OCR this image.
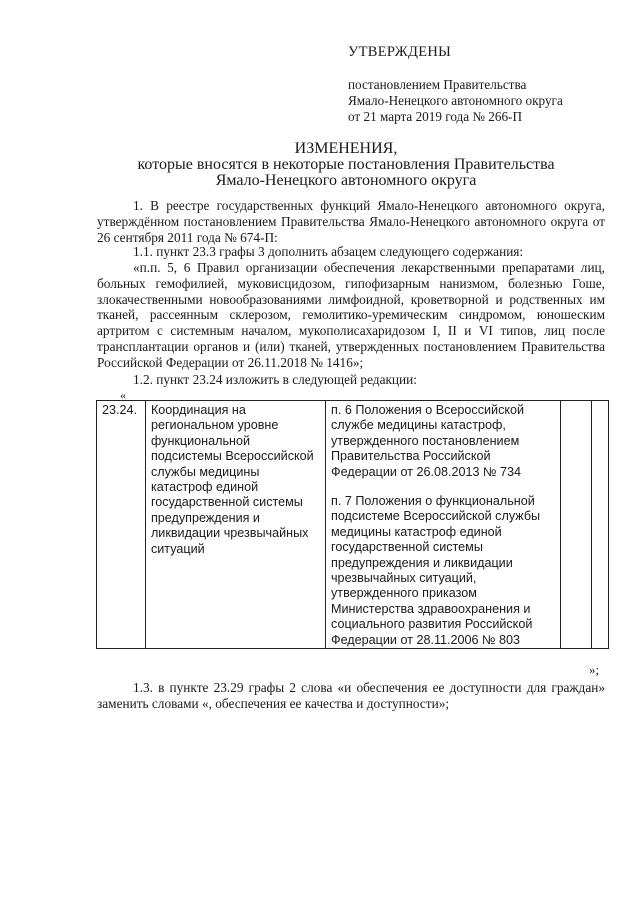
УТВЕРЖДЕНЫ
постановлением Правительства
Ямало-Ненецкого автономного округа
от 21 марта 2019 года № 266-П
ИЗМЕНЕНИЯ,
которые вносятся в некоторые постановления Правительства
Ямало-Ненецкого автономного округа
1. В реестре государственных функций Ямало-Ненецкого автономного округа, утверждённом постановлением Правительства Ямало-Ненецкого автономного округа от 26 сентября 2011 года № 674-П:
1.1. пункт 23.3 графы 3 дополнить абзацем следующего содержания:
«п.п. 5, 6 Правил организации обеспечения лекарственными препаратами лиц, больных гемофилией, муковисцидозом, гипофизарным нанизмом, болезнью Гоше, злокачественными новообразованиями лимфоидной, кроветворной и родственных им тканей, рассеянным склерозом, гемолитико-уремическим синдромом, юношеским артритом с системным началом, мукополисахаридозом I, II и VI типов, лиц после трансплантации органов и (или) тканей, утвержденных постановлением Правительства Российской Федерации от 26.11.2018 № 1416»;
1.2. пункт 23.24 изложить в следующей редакции:
«
23.24.	Координация на региональном уровне функциональной подсистемы Всероссийской службы медицины катастроф единой государственной системы предупреждения и ликвидации чрезвычайных ситуаций	п. 6 Положения о Всероссийской службе медицины катастроф, утвержденного постановлением Правительства Российской Федерации от 26.08.2013 № 734
п. 7 Положения о функциональной подсистеме Всероссийской службы медицины катастроф единой государственной системы предупреждения и ликвидации чрезвычайных ситуаций, утвержденного приказом Министерства здравоохранения и социального развития Российской Федерации от 28.11.2006 № 803		
»;
1.3. в пункте 23.29 графы 2 слова «и обеспечения ее доступности для граждан» заменить словами «, обеспечения ее качества и доступности»;
